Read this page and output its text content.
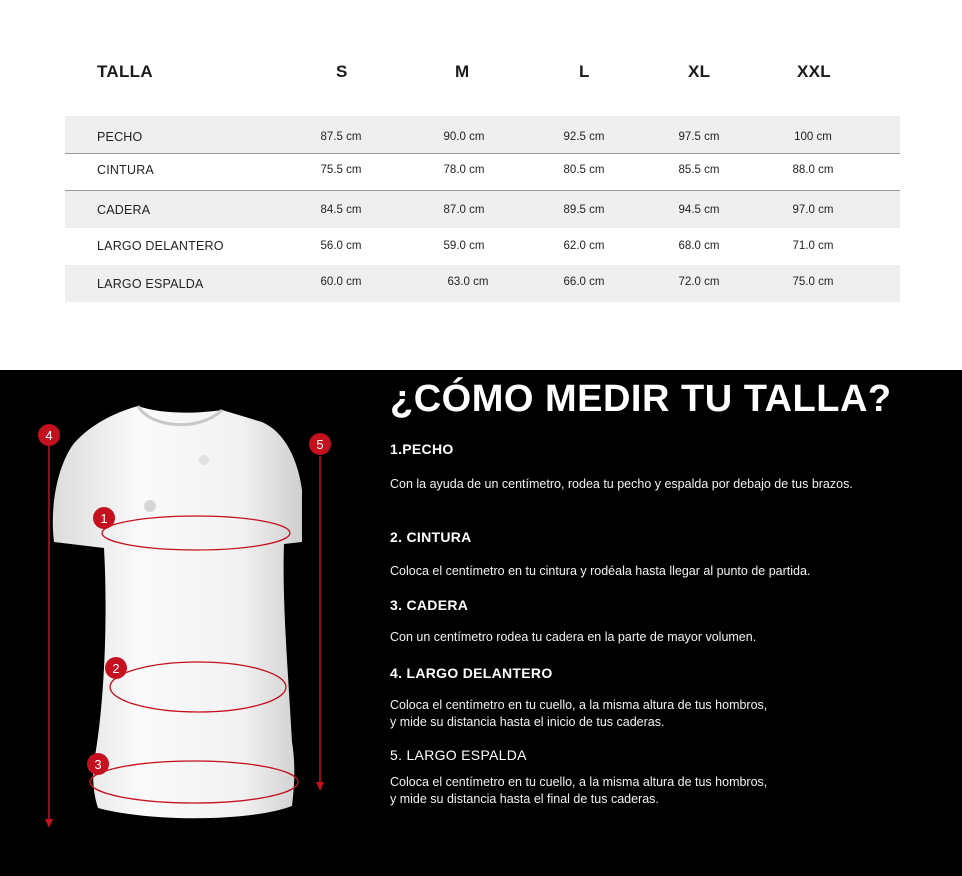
TALLA	S	M	L	XL	XXL
PECHO	87.5 cm	90.0 cm	92.5 cm	97.5 cm	100 cm
CINTURA	75.5 cm	78.0 cm	80.5 cm	85.5 cm	88.0 cm
CADERA	84.5 cm	87.0 cm	89.5 cm	94.5 cm	97.0 cm
LARGO DELANTERO	56.0 cm	59.0 cm	62.0 cm	68.0 cm	71.0 cm
LARGO ESPALDA	60.0 cm	63.0 cm	66.0 cm	72.0 cm	75.0 cm
4
5
1
2
3
¿CÓMO MEDIR TU TALLA?
1.PECHO
Con la ayuda de un centímetro, rodea tu pecho y espalda por debajo de tus brazos.
2. CINTURA
Coloca el centímetro en tu cintura y rodéala hasta llegar al punto de partida.
3. CADERA
Con un centímetro rodea tu cadera en la parte de mayor volumen.
4. LARGO DELANTERO
Coloca el centímetro en tu cuello, a la misma altura de tus hombros,
y mide su distancia hasta el inicio de tus caderas.
5. LARGO ESPALDA
Coloca el centímetro en tu cuello, a la misma altura de tus hombros,
y mide su distancia hasta el final de tus caderas.
